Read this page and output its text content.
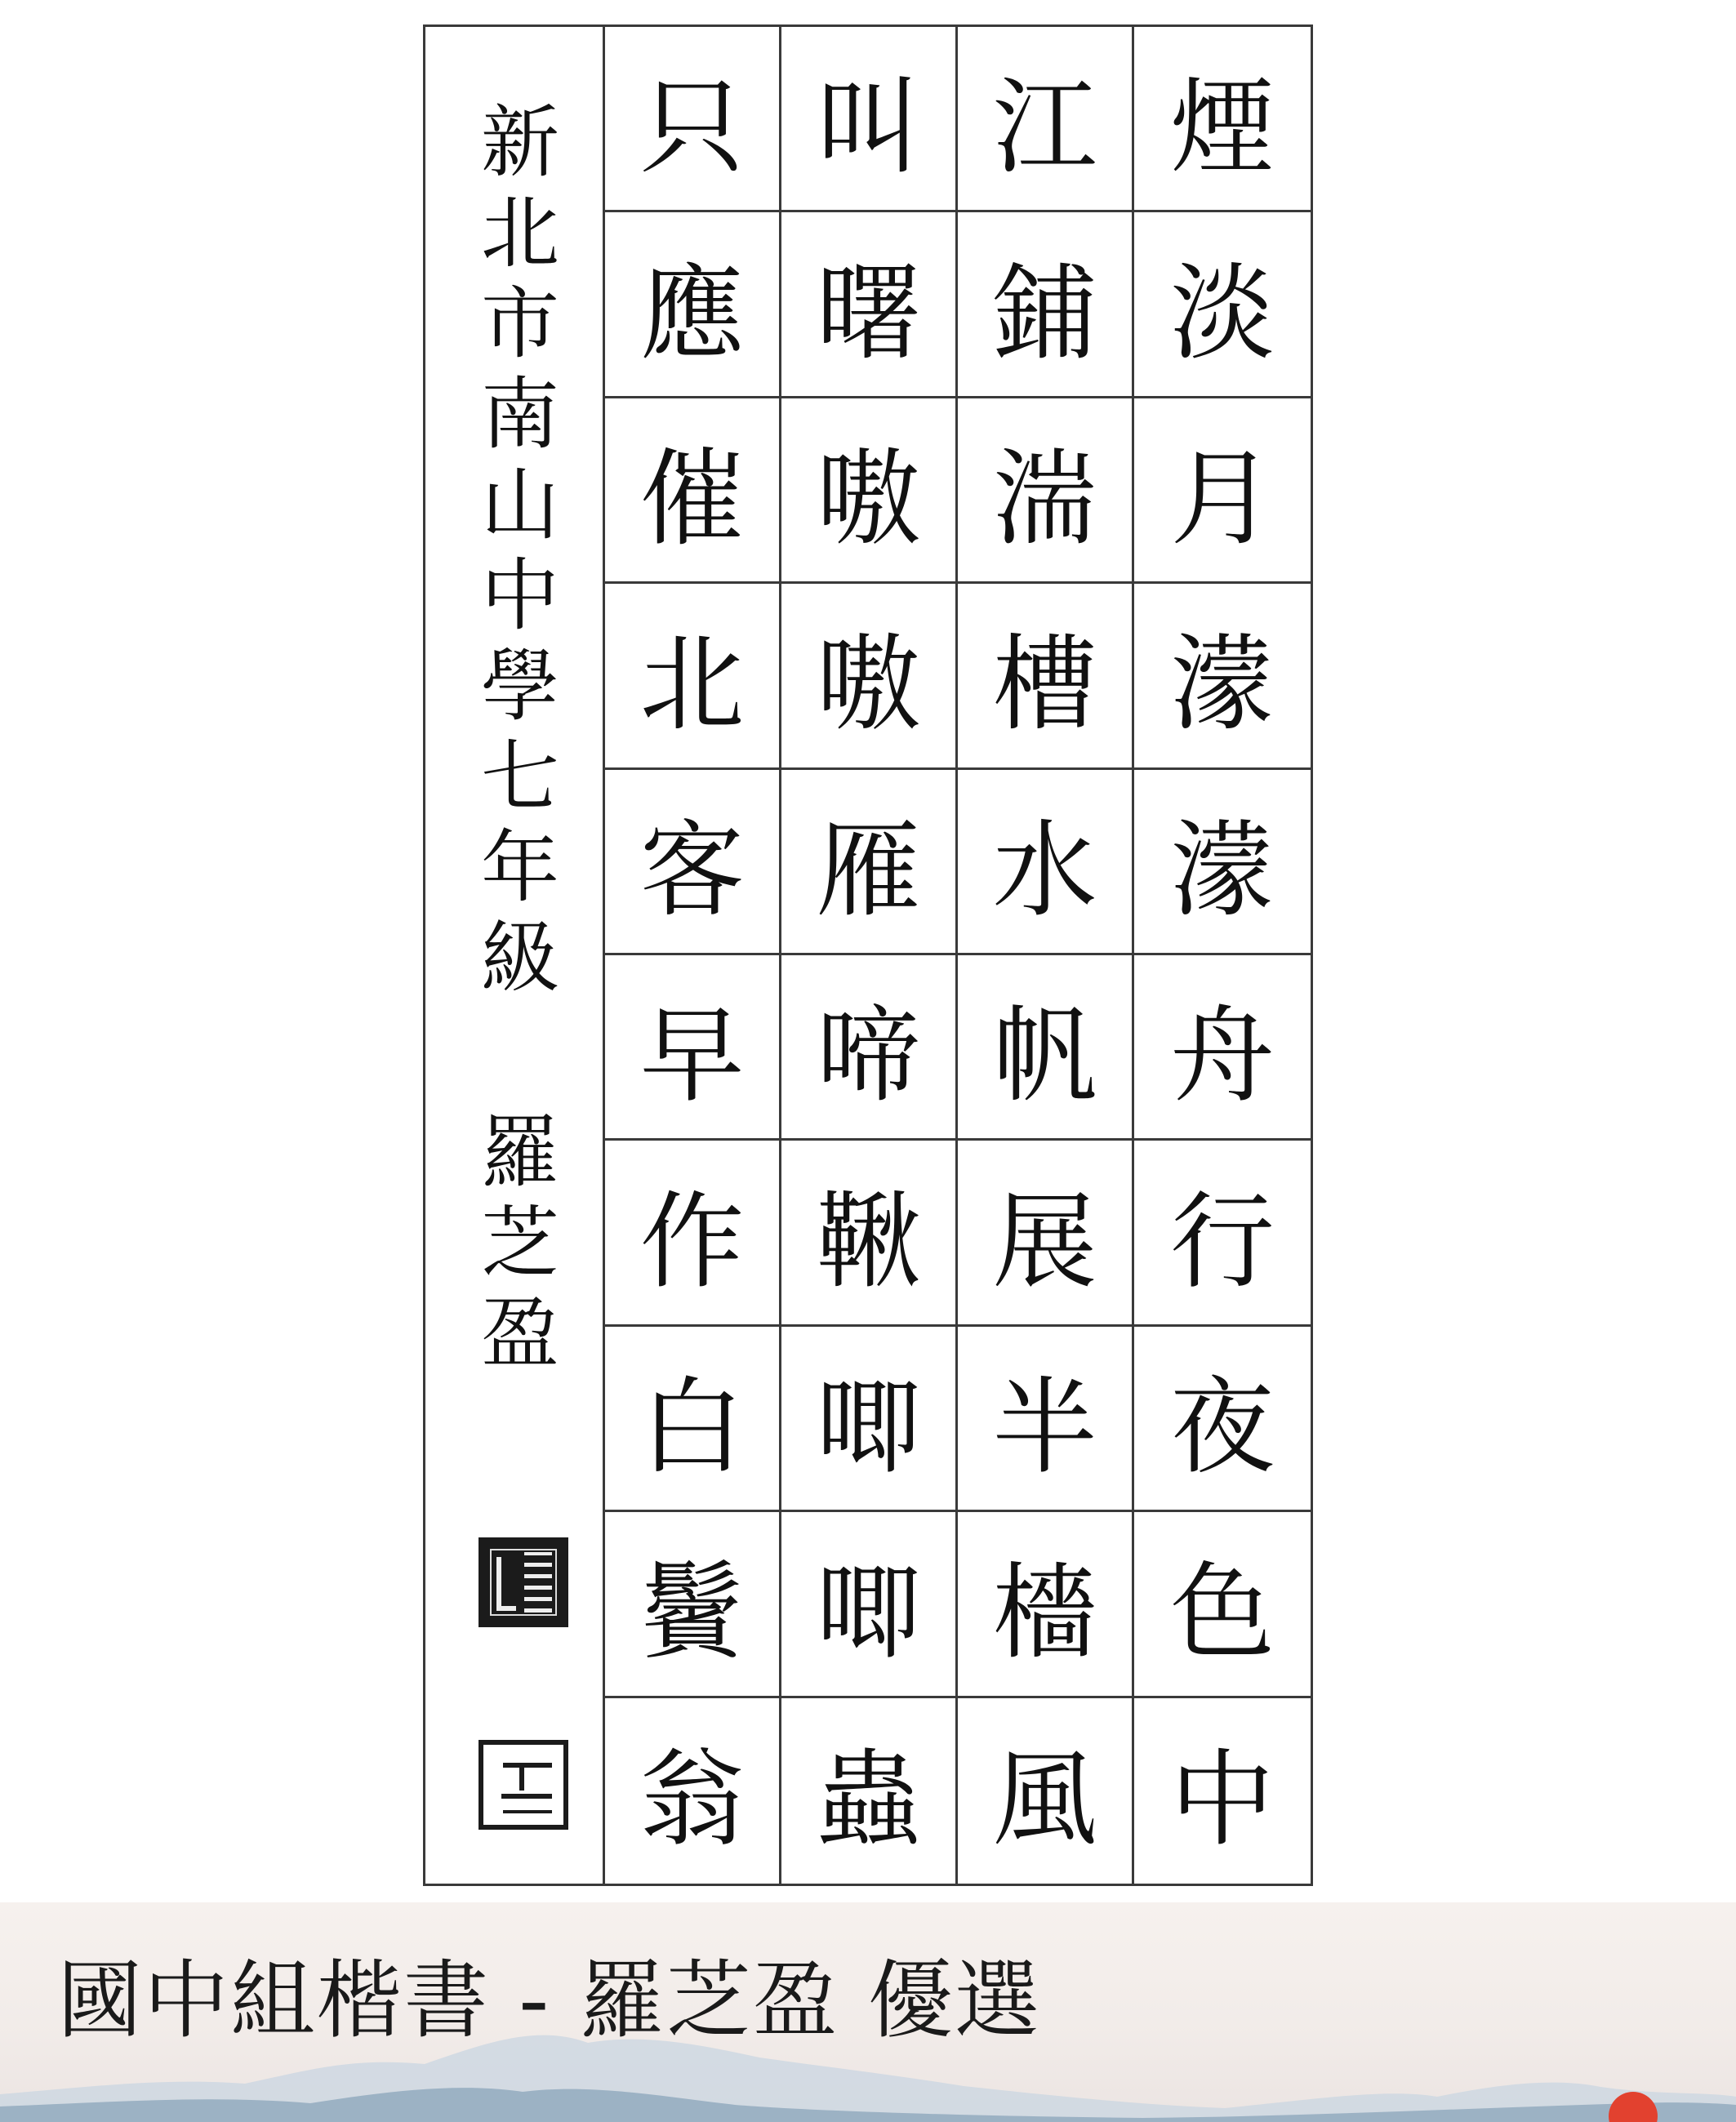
新北市南山中學七年級 羅芝盈 只 叫 江 煙
應 曙 鋪 淡
催 嗷 湍 月
北 嗷 槽 濛
客 雁 水 濛
早 啼 帆 舟
作 鞦 展 行
白 唧 半 夜
鬢 唧 檣 色
翁 蟲 風 中
國中組楷書 - 羅芝盈 優選
